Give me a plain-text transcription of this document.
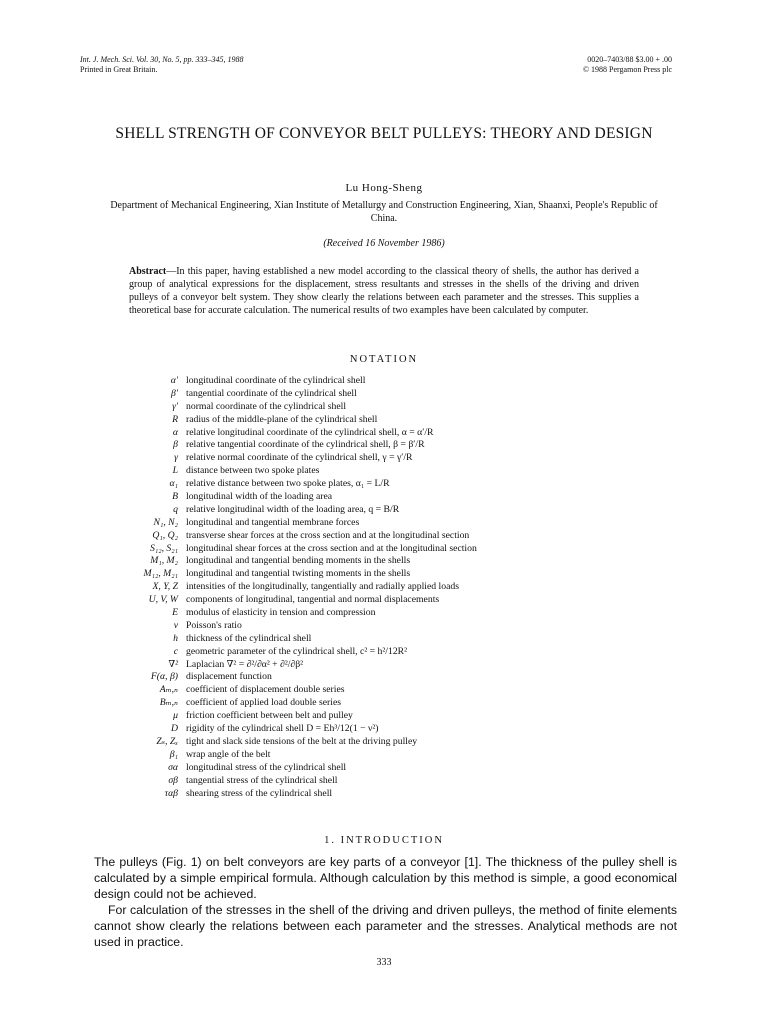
Int. J. Mech. Sci. Vol. 30, No. 5, pp. 333–345, 1988
Printed in Great Britain.
0020–7403/88 $3.00 + .00
© 1988 Pergamon Press plc
SHELL STRENGTH OF CONVEYOR BELT PULLEYS: THEORY AND DESIGN
Lu Hong-Sheng
Department of Mechanical Engineering, Xian Institute of Metallurgy and Construction Engineering, Xian, Shaanxi, People's Republic of China.
(Received 16 November 1986)
Abstract—In this paper, having established a new model according to the classical theory of shells, the author has derived a group of analytical expressions for the displacement, stress resultants and stresses in the shells of the driving and driven pulleys of a conveyor belt system. They show clearly the relations between each parameter and the stresses. This supplies a theoretical base for accurate calculation. The numerical results of two examples have been calculated by computer.
NOTATION
α′ longitudinal coordinate of the cylindrical shell
β′ tangential coordinate of the cylindrical shell
γ′ normal coordinate of the cylindrical shell
R radius of the middle-plane of the cylindrical shell
α relative longitudinal coordinate of the cylindrical shell, α = α′/R
β relative tangential coordinate of the cylindrical shell, β = β′/R
γ relative normal coordinate of the cylindrical shell, γ = γ′/R
L distance between two spoke plates
α₁ relative distance between two spoke plates, α₁ = L/R
B longitudinal width of the loading area
q relative longitudinal width of the loading area, q = B/R
N₁, N₂ longitudinal and tangential membrane forces
Q₁, Q₂ transverse shear forces at the cross section and at the longitudinal section
S₁₂, S₂₁ longitudinal shear forces at the cross section and at the longitudinal section
M₁, M₂ longitudinal and tangential bending moments in the shells
M₁₂, M₂₁ longitudinal and tangential twisting moments in the shells
X, Y, Z intensities of the longitudinally, tangentially and radially applied loads
U, V, W components of longitudinal, tangential and normal displacements
E modulus of elasticity in tension and compression
ν Poisson's ratio
h thickness of the cylindrical shell
c geometric parameter of the cylindrical shell, c² = h²/12R²
∇² Laplacian ∇² = ∂²/∂α² + ∂²/∂β²
F(α, β) displacement function
Aₘ,ₙ coefficient of displacement double series
Bₘ,ₙ coefficient of applied load double series
μ friction coefficient between belt and pulley
D rigidity of the cylindrical shell D = Eh³/12(1 − ν²)
Zₛ, Zₓ tight and slack side tensions of the belt at the driving pulley
β₁ wrap angle of the belt
σα longitudinal stress of the cylindrical shell
σβ tangential stress of the cylindrical shell
ταβ shearing stress of the cylindrical shell
1. INTRODUCTION

The pulleys (Fig. 1) on belt conveyors are key parts of a conveyor [1]. The thickness of the pulley shell is calculated by a simple empirical formula. Although calculation by this method is simple, a good economical design could not be achieved.

For calculation of the stresses in the shell of the driving and driven pulleys, the method of finite elements cannot show clearly the relations between each parameter and the stresses. Analytical methods are not used in practice.

333
